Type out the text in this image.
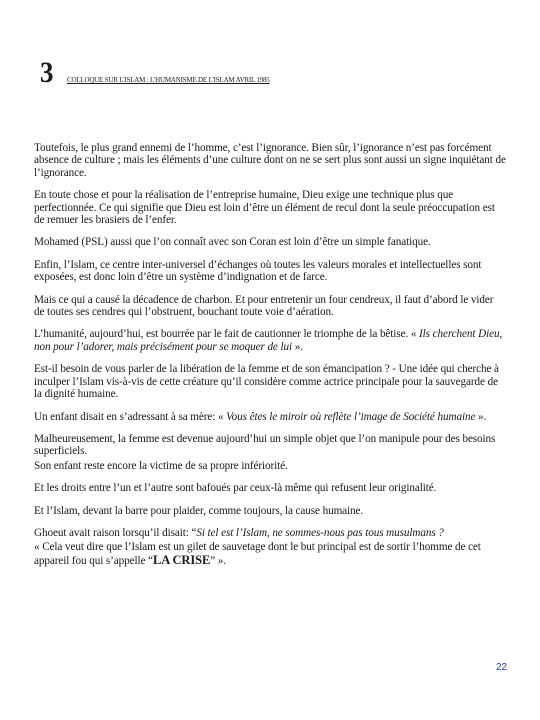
3 COLLOQUE SUR L'ISLAM : L'HUMANISME DE L'ISLAM AVRIL 1985

Toutefois, le plus grand ennemi de l’homme, c’est l’ignorance. Bien sûr, l’ignorance n’est pas forcément absence de culture ; mais les éléments d’une culture dont on ne se sert plus sont aussi un signe inquiétant de l’ignorance.

En toute chose et pour la réalisation de l’entreprise humaine, Dieu exige une technique plus que perfectionnée. Ce qui signifie que Dieu est loin d’être un élément de recul dont la seule préoccupation est de remuer les brasiers de l’enfer.

Mohamed (PSL) aussi que l’on connaît avec son Coran est loin d’être un simple fanatique.

Enfin, l’Islam, ce centre inter-universel d’échanges où toutes les valeurs morales et intellectuelles sont exposées, est donc loin d’être un système d’indignation et de farce.

Mais ce qui a causé la décadence de charbon. Et pour entretenir un four cendreux, il faut d’abord le vider de toutes ses cendres qui l’obstruent, bouchant toute voie d’aération.

L’humanité, aujourd’hui, est bourrée par le fait de cautionner le triomphe de la bêtise. « Ils cherchent Dieu, non pour l’adorer, mais précisément pour se moquer de lui ».

Est-il besoin de vous parler de la libération de la femme et de son émancipation ? - Une idée qui cherche à inculper l’Islam vis-à-vis de cette créature qu’il considère comme actrice principale pour la sauvegarde de la dignité humaine.

Un enfant disait en s’adressant à sa mère: « Vous êtes le miroir où reflète l’image de Société humaine ».

Malheureusement, la femme est devenue aujourd’hui un simple objet que l’on manipule pour des besoins superficiels.

Son enfant reste encore la victime de sa propre infériorité.

Et les droits entre l’un et l’autre sont bafoués par ceux-là même qui refusent leur originalité.

Et l’Islam, devant la barre pour plaider, comme toujours, la cause humaine.

Ghoeut avait raison lorsqu’il disait: “Si tel est l’Islam, ne sommes-nous pas tous musulmans ?

« Cela veut dire que l’Islam est un gilet de sauvetage dont le but principal est de sortir l’homme de cet appareil fou qui s’appelle “LA CRISE” ».

22
